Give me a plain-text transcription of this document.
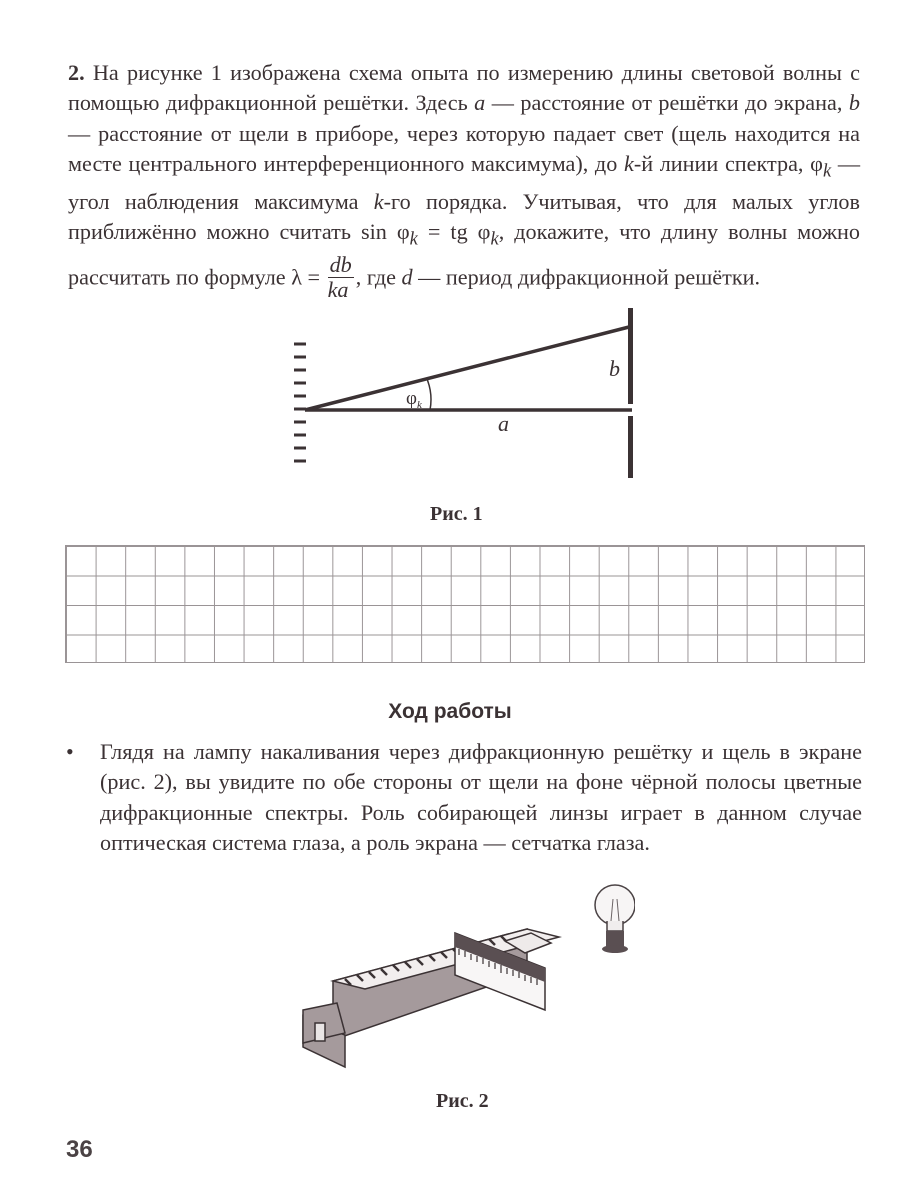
2. На рисунке 1 изображена схема опыта по измерению длины световой волны с помощью дифракционной решётки. Здесь a — расстояние от решётки до экрана, b — расстояние от щели в приборе, через которую падает свет (щель находится на месте центрального интерференционного максимума), до k-й линии спектра, $\varphi_k$ — угол наблюдения максимума k-го порядка. Учитывая, что для малых углов приближённо можно считать $\sin \varphi_k$ = tg $\varphi_k$, докажите, что длину волны можно рассчитать по формуле $\lambda = \frac{db}{ka}$ , где d — период дифракционной решётки.
b
a
$\varphi_k$
Рис. 1
Ход работы
• Глядя на лампу накаливания через дифракционную решётку и щель в экране (рис. 2), вы увидите по обе стороны от щели на фоне чёрной полосы цветные дифракционные спектры. Роль собирающей линзы играет в данном случае оптическая система глаза, а роль экрана — сетчатка глаза.
Рис. 2
36
